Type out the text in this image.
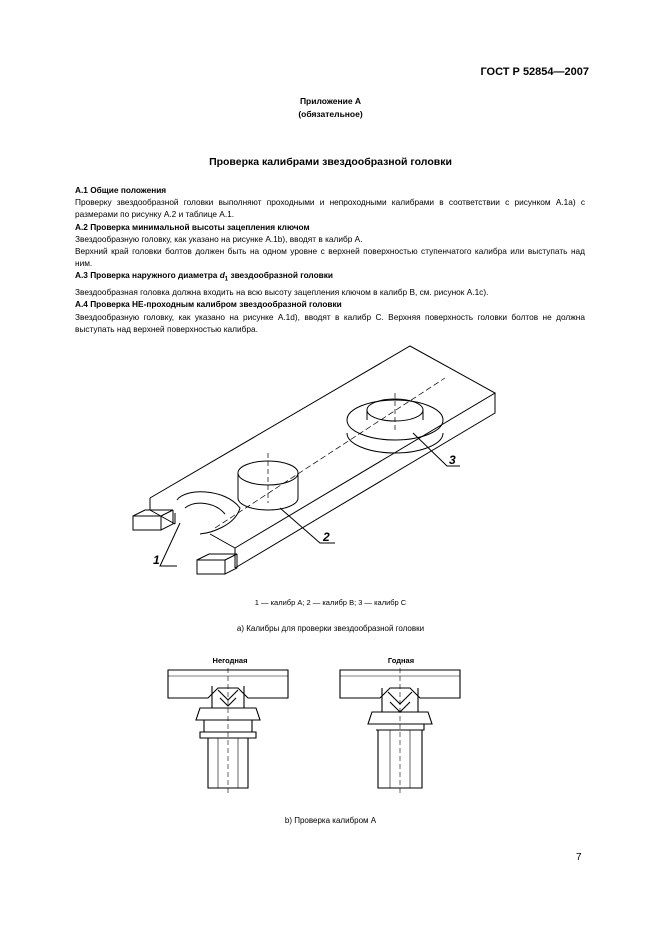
ГОСТ Р 52854—2007
Приложение А
(обязательное)
Проверка калибрами звездообразной головки

А.1 Общие положения

Проверку звездообразной головки выполняют проходными и непроходными калибрами в соответствии с рисунком А.1а) с размерами по рисунку А.2 и таблице А.1.

А.2 Проверка минимальной высоты зацепления ключом

Звездообразную головку, как указано на рисунке А.1b), вводят в калибр А.

Верхний край головки болтов должен быть на одном уровне с верхней поверхностью ступенчатого калибра или выступать над ним.

А.3 Проверка наружного диаметра $d_1$ звездообразной головки

Звездообразная головка должна входить на всю высоту зацепления ключом в калибр В, см. рисунок А.1с).

А.4 Проверка НЕ-проходным калибром звездообразной головки

Звездообразную головку, как указано на рисунке А.1d), вводят в калибр С. Верхняя поверхность головки болтов не должна выступать над верхней поверхностью калибра.

1
2
3
1 — калибр А; 2 — калибр В; 3 — калибр С
а) Калибры для проверки звездообразной головки
Негодная	Годная
b) Проверка калибром А
7
